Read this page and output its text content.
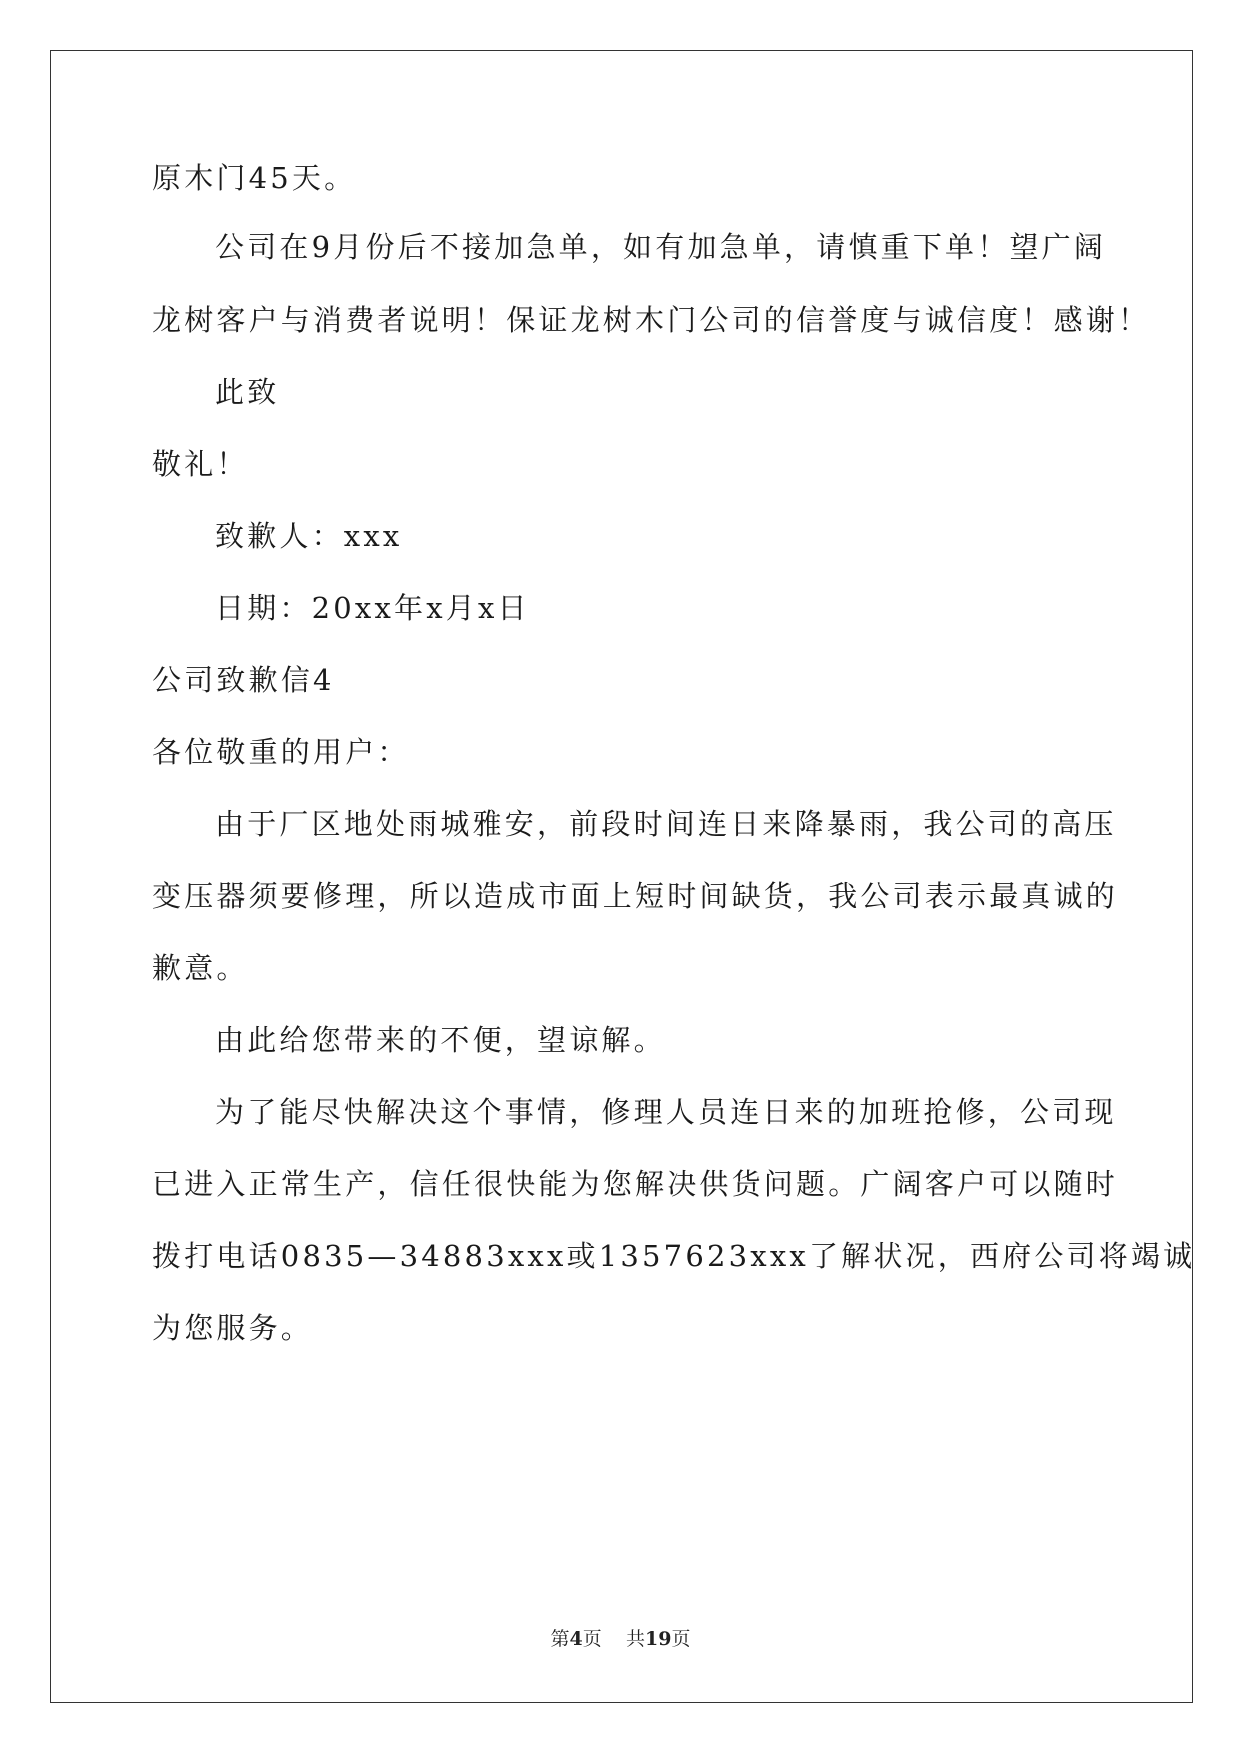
原木门45天。
公司在9月份后不接加急单，如有加急单，请慎重下单！望广阔
龙树客户与消费者说明！保证龙树木门公司的信誉度与诚信度！感谢！
此致
敬礼！
致歉人：xxx
日期：20xx年x月x日
公司致歉信4
各位敬重的用户：
由于厂区地处雨城雅安，前段时间连日来降暴雨，我公司的高压
变压器须要修理，所以造成市面上短时间缺货，我公司表示最真诚的
歉意。
由此给您带来的不便，望谅解。
为了能尽快解决这个事情，修理人员连日来的加班抢修，公司现
已进入正常生产，信任很快能为您解决供货问题。广阔客户可以随时
拨打电话0835—34883xxx或1357623xxx了解状况，西府公司将竭诚
为您服务。
第4页 共19页
